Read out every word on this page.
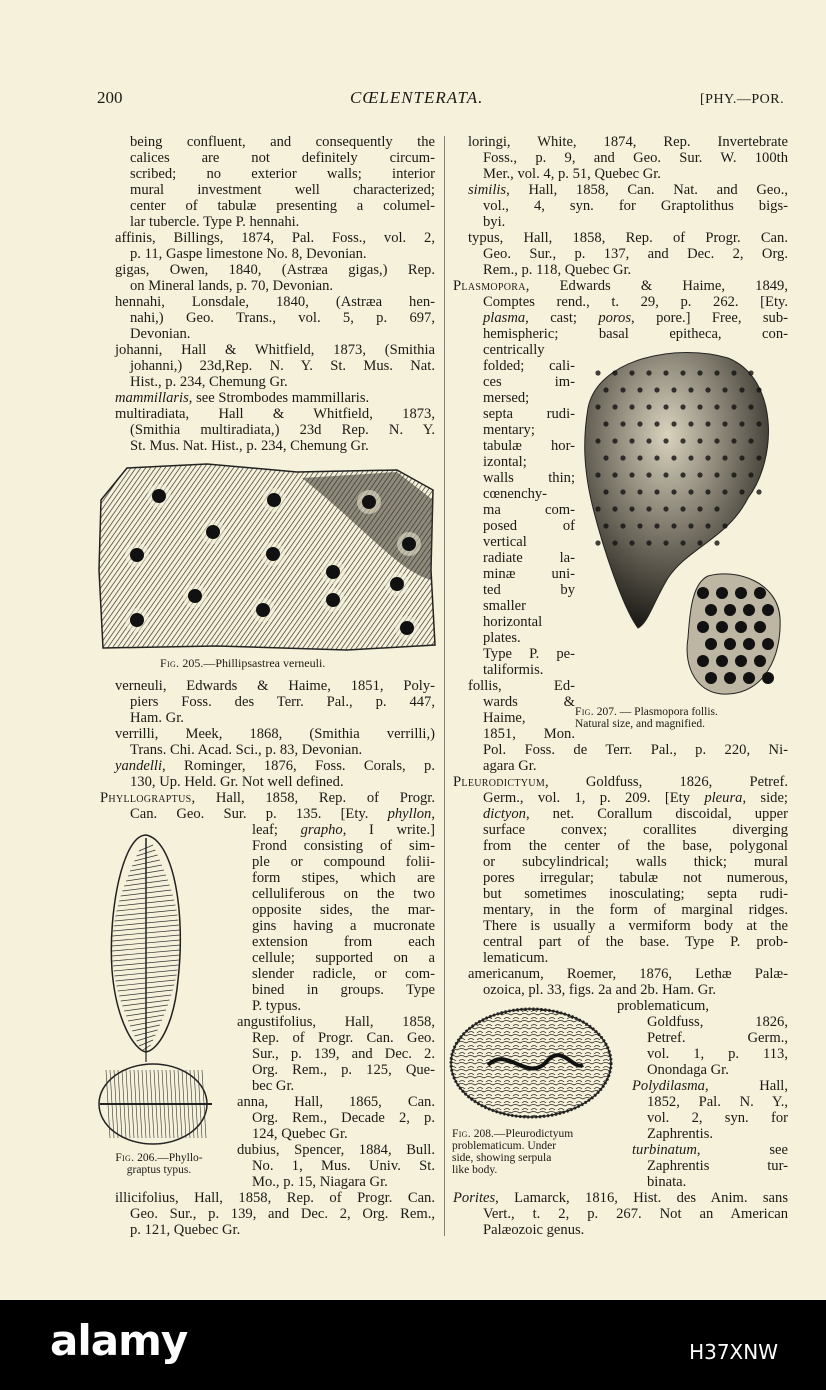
200	CŒLENTERATA.	[PHY.—POR.
being confluent, and consequently the
calices are not definitely circum-
scribed; no exterior walls; interior
mural investment well characterized;
center of tabulæ presenting a columel-
lar tubercle. Type P. hennahi.
affinis, Billings, 1874, Pal. Foss., vol. 2,
p. 11, Gaspe limestone No. 8, Devonian.
gigas, Owen, 1840, (Astræa gigas,) Rep.
on Mineral lands, p. 70, Devonian.
hennahi, Lonsdale, 1840, (Astræa hen-
nahi,) Geo. Trans., vol. 5, p. 697,
Devonian.
johanni, Hall & Whitfield, 1873, (Smithia
johanni,) 23d,Rep. N. Y. St. Mus. Nat.
Hist., p. 234, Chemung Gr.
mammillaris, see Strombodes mammillaris.
multiradiata, Hall & Whitfield, 1873,
(Smithia multiradiata,) 23d Rep. N. Y.
St. Mus. Nat. Hist., p. 234, Chemung Gr.
Fig. 205.—Phillipsastrea verneuli.
verneuli, Edwards & Haime, 1851, Poly-
piers Foss. des Terr. Pal., p. 447,
Ham. Gr.
verrilli, Meek, 1868, (Smithia verrilli,)
Trans. Chi. Acad. Sci., p. 83, Devonian.
yandelli, Rominger, 1876, Foss. Corals, p.
130, Up. Held. Gr. Not well defined.
Phyllograptus, Hall, 1858, Rep. of Progr.
Can. Geo. Sur. p. 135. [Ety. phyllon,
Fig. 206.—Phyllo-
graptus typus.
leaf; grapho, I write.]
Frond consisting of sim-
ple or compound folii-
form stipes, which are
celluliferous on the two
opposite sides, the mar-
gins having a mucronate
extension from each
cellule; supported on a
slender radicle, or com-
bined in groups. Type
P. typus.
angustifolius, Hall, 1858,
Rep. of Progr. Can. Geo.
Sur., p. 139, and Dec. 2.
Org. Rem., p. 125, Que-
bec Gr.
anna, Hall, 1865, Can.
Org. Rem., Decade 2, p.
124, Quebec Gr.
dubius, Spencer, 1884, Bull.
No. 1, Mus. Univ. St.
Mo., p. 15, Niagara Gr.
illicifolius, Hall, 1858, Rep. of Progr. Can.
Geo. Sur., p. 139, and Dec. 2, Org. Rem.,
p. 121, Quebec Gr.
loringi, White, 1874, Rep. Invertebrate
Foss., p. 9, and Geo. Sur. W. 100th
Mer., vol. 4, p. 51, Quebec Gr.
similis, Hall, 1858, Can. Nat. and Geo.,
vol., 4, syn. for Graptolithus bigs-
byi.
typus, Hall, 1858, Rep. of Progr. Can.
Geo. Sur., p. 137, and Dec. 2, Org.
Rem., p. 118, Quebec Gr.
Plasmopora, Edwards & Haime, 1849,
Comptes rend., t. 29, p. 262. [Ety.
plasma, cast; poros, pore.] Free, sub-
hemispheric; basal epitheca, con-
centrically
folded; cali-
ces im-
mersed;
septa rudi-
mentary;
tabulæ hor-
izontal;
walls thin;
cœnenchy-
ma com-
posed of
vertical
radiate la-
minæ uni-
ted by
smaller
horizontal
plates.
Type P. pe-
taliformis.
follis, Ed-
wards &
Haime,
1851, Mon.
Fig. 207. — Plasmopora follis.
Natural size, and magnified.
Pol. Foss. de Terr. Pal., p. 220, Ni-
agara Gr.
Pleurodictyum, Goldfuss, 1826, Petref.
Germ., vol. 1, p. 209. [Ety pleura, side;
dictyon, net. Corallum discoidal, upper
surface convex; corallites diverging
from the center of the base, polygonal
or subcylindrical; walls thick; mural
pores irregular; tabulæ not numerous,
but sometimes inosculating; septa rudi-
mentary, in the form of marginal ridges.
There is usually a vermiform body at the
central part of the base. Type P. prob-
lematicum.
americanum, Roemer, 1876, Lethæ Palæ-
ozoica, pl. 33, figs. 2a and 2b. Ham. Gr.
Fig. 208.—Pleurodictyum
problematicum. Under
side, showing serpula
like body.
problematicum,
Goldfuss, 1826,
Petref. Germ.,
vol. 1, p. 113,
Onondaga Gr.
Polydilasma, Hall,
1852, Pal. N. Y.,
vol. 2, syn. for
Zaphrentis.
turbinatum, see
Zaphrentis tur-
binata.
Porites, Lamarck, 1816, Hist. des Anim. sans
Vert., t. 2, p. 267. Not an American
Palæozoic genus.
alamy	H37XNW
